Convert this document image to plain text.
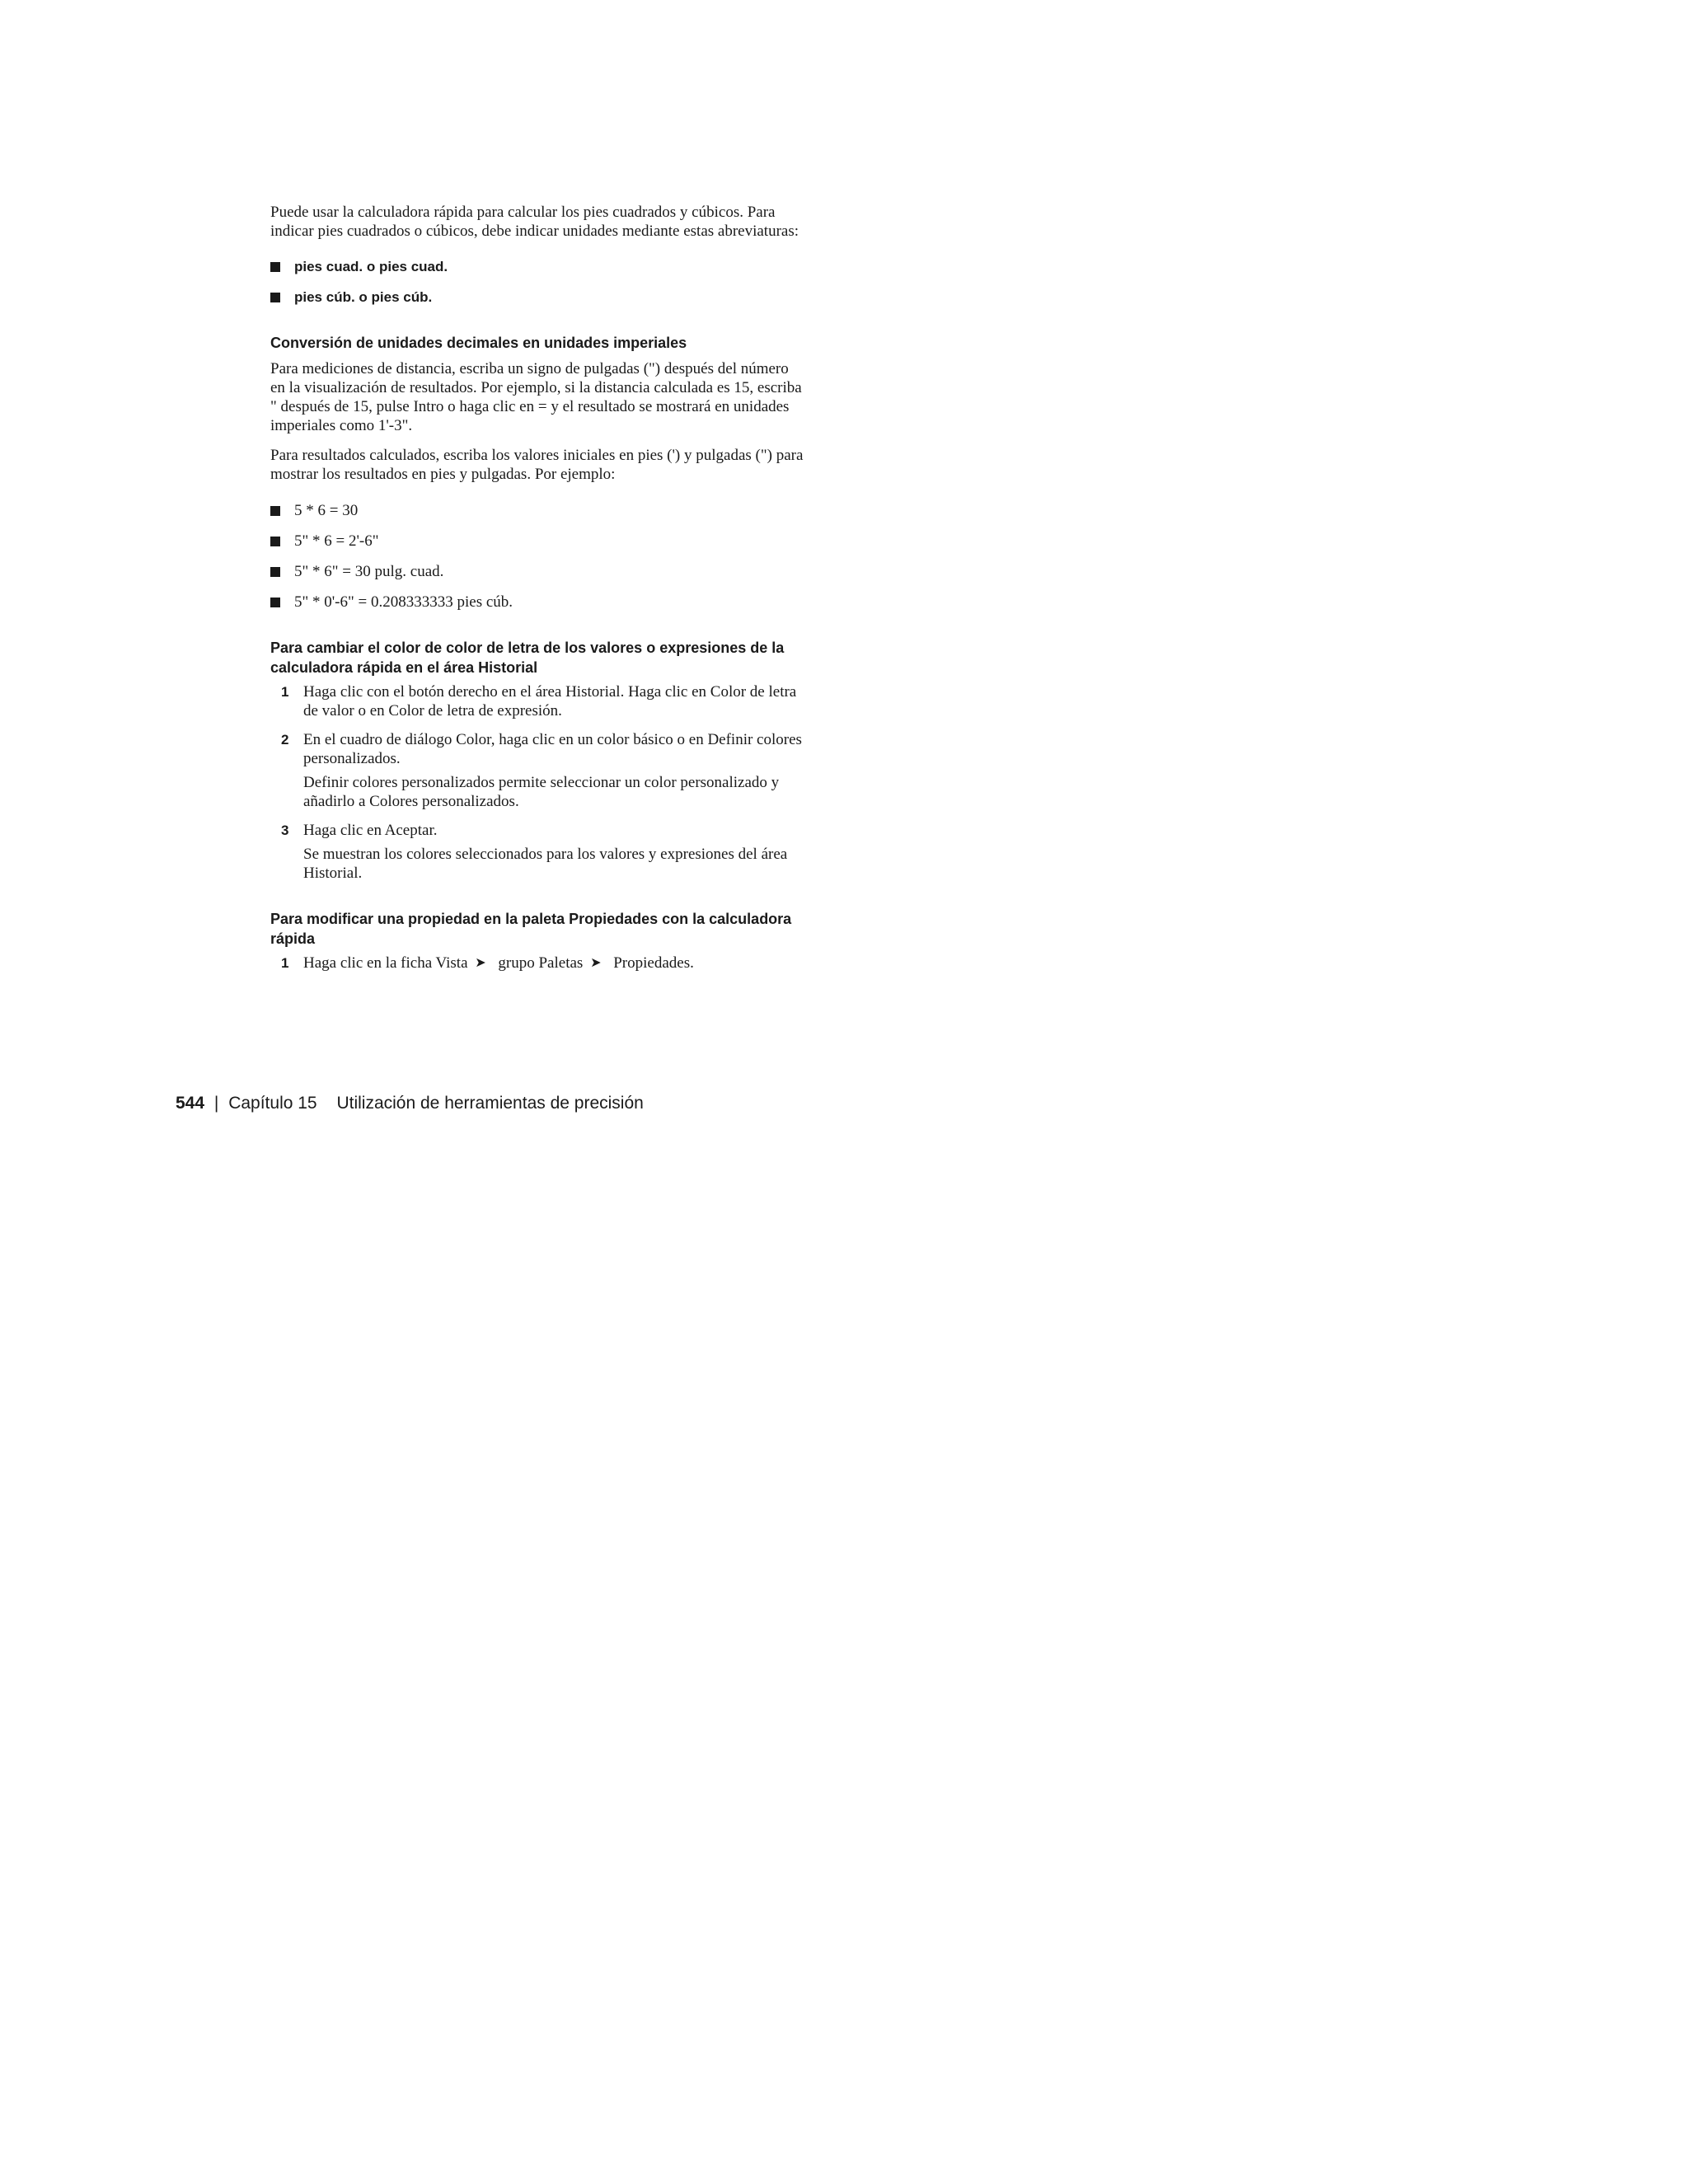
Puede usar la calculadora rápida para calcular los pies cuadrados y cúbicos. Para indicar pies cuadrados o cúbicos, debe indicar unidades mediante estas abreviaturas:

pies cuad. o pies cuad.
pies cúb. o pies cúb.
Conversión de unidades decimales en unidades imperiales

Para mediciones de distancia, escriba un signo de pulgadas (") después del número en la visualización de resultados. Por ejemplo, si la distancia calculada es 15, escriba " después de 15, pulse Intro o haga clic en = y el resultado se mostrará en unidades imperiales como 1'-3".

Para resultados calculados, escriba los valores iniciales en pies (') y pulgadas (") para mostrar los resultados en pies y pulgadas. Por ejemplo:

5 * 6 = 30
5" * 6 = 2'-6"
5" * 6" = 30 pulg. cuad.
5" * 0'-6" = 0.208333333 pies cúb.
Para cambiar el color de color de letra de los valores o expresiones de la calculadora rápida en el área Historial
1 Haga clic con el botón derecho en el área Historial. Haga clic en Color de letra de valor o en Color de letra de expresión.

2 En el cuadro de diálogo Color, haga clic en un color básico o en Definir colores personalizados.

Definir colores personalizados permite seleccionar un color personalizado y añadirlo a Colores personalizados.

3 Haga clic en Aceptar.

Se muestran los colores seleccionados para los valores y expresiones del área Historial.

Para modificar una propiedad en la paleta Propiedades con la calculadora rápida
1 Haga clic en la ficha Vista ➤ grupo Paletas ➤ Propiedades.

544 | Capítulo 15 Utilización de herramientas de precisión
